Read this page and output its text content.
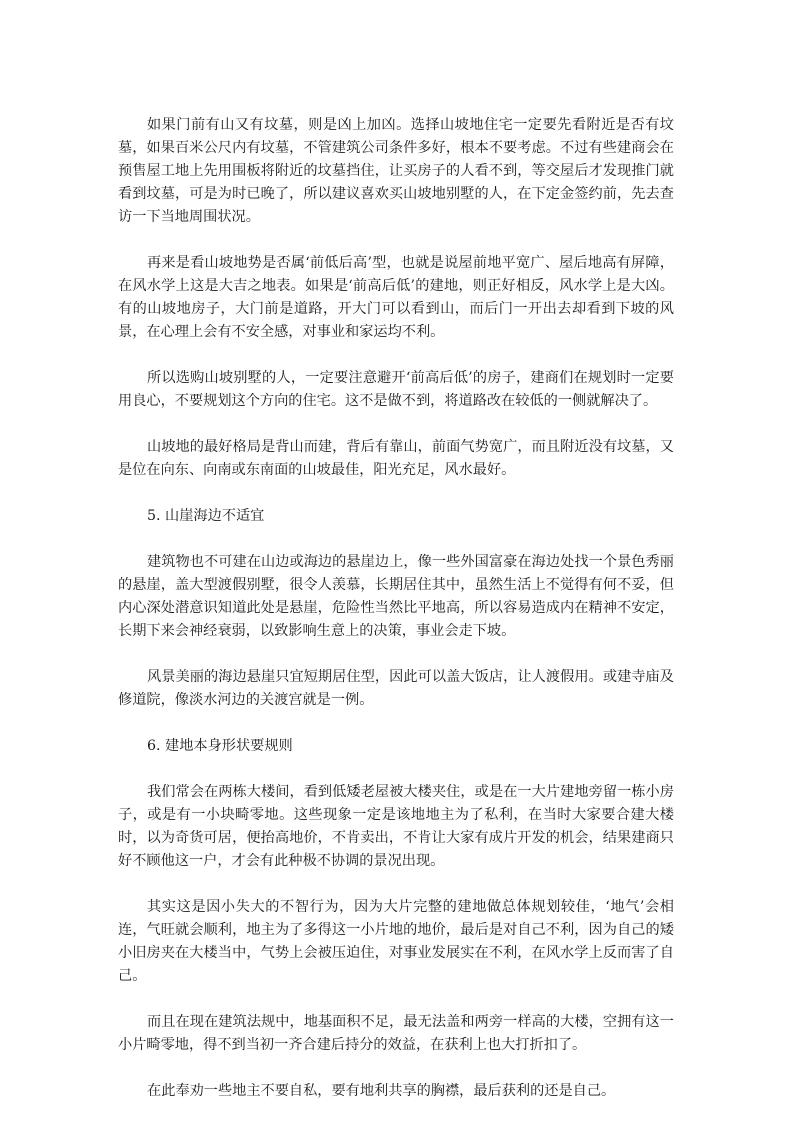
如果门前有山又有坟墓，则是凶上加凶。选择山坡地住宅一定要先看附近是否有坟墓，如果百米公尺内有坟墓，不管建筑公司条件多好，根本不要考虑。不过有些建商会在预售屋工地上先用围板将附近的坟墓挡住，让买房子的人看不到，等交屋后才发现推门就看到坟墓，可是为时已晚了，所以建议喜欢买山坡地别墅的人，在下定金签约前，先去查访一下当地周围状况。

再来是看山坡地势是否属‘前低后高’型，也就是说屋前地平宽广、屋后地高有屏障，在风水学上这是大吉之地表。如果是‘前高后低’的建地，则正好相反，风水学上是大凶。有的山坡地房子，大门前是道路，开大门可以看到山，而后门一开出去却看到下坡的风景，在心理上会有不安全感，对事业和家运均不利。

所以选购山坡别墅的人，一定要注意避开‘前高后低’的房子，建商们在规划时一定要用良心，不要规划这个方向的住宅。这不是做不到，将道路改在较低的一侧就解决了。

山坡地的最好格局是背山而建，背后有靠山，前面气势宽广，而且附近没有坟墓，又是位在向东、向南或东南面的山坡最佳，阳光充足，风水最好。

5. 山崖海边不适宜

建筑物也不可建在山边或海边的悬崖边上，像一些外国富豪在海边处找一个景色秀丽的悬崖，盖大型渡假别墅，很令人羡慕，长期居住其中，虽然生活上不觉得有何不妥，但内心深处潜意识知道此处是悬崖，危险性当然比平地高，所以容易造成内在精神不安定，长期下来会神经衰弱，以致影响生意上的决策，事业会走下坡。

风景美丽的海边悬崖只宜短期居住型，因此可以盖大饭店，让人渡假用。或建寺庙及修道院，像淡水河边的关渡宫就是一例。

6. 建地本身形状要规则

我们常会在两栋大楼间，看到低矮老屋被大楼夹住，或是在一大片建地旁留一栋小房子，或是有一小块畸零地。这些现象一定是该地地主为了私利，在当时大家要合建大楼时，以为奇货可居，便抬高地价，不肯卖出，不肯让大家有成片开发的机会，结果建商只好不顾他这一户，才会有此种极不协调的景况出现。

其实这是因小失大的不智行为，因为大片完整的建地做总体规划较佳，‘地气’会相连，气旺就会顺利，地主为了多得这一小片地的地价，最后是对自己不利，因为自己的矮小旧房夹在大楼当中，气势上会被压迫住，对事业发展实在不利，在风水学上反而害了自己。

而且在现在建筑法规中，地基面积不足，最无法盖和两旁一样高的大楼，空拥有这一小片畸零地，得不到当初一齐合建后持分的效益，在获利上也大打折扣了。

在此奉劝一些地主不要自私，要有地利共享的胸襟，最后获利的还是自己。
